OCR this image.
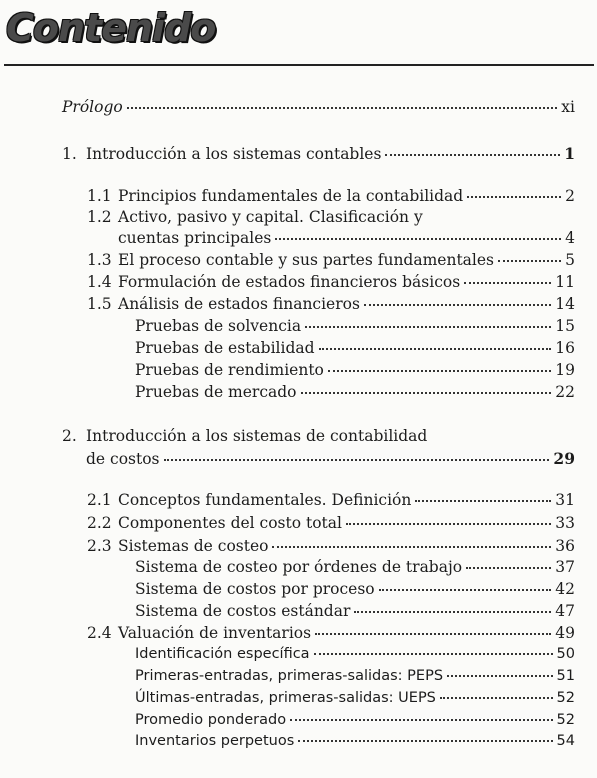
Contenido
Prólogo	xi
1. Introducción a los sistemas contables	1
1.1 Principios fundamentales de la contabilidad	2
1.2 Activo, pasivo y capital. Clasificación y
cuentas principales	4
1.3 El proceso contable y sus partes fundamentales	5
1.4 Formulación de estados financieros básicos	11
1.5 Análisis de estados financieros	14
Pruebas de solvencia	15
Pruebas de estabilidad	16
Pruebas de rendimiento	19
Pruebas de mercado	22
2. Introducción a los sistemas de contabilidad
de costos	29
2.1 Conceptos fundamentales. Definición	31
2.2 Componentes del costo total	33
2.3 Sistemas de costeo	36
Sistema de costeo por órdenes de trabajo	37
Sistema de costos por proceso	42
Sistema de costos estándar	47
2.4 Valuación de inventarios	49
Identificación específica	50
Primeras-entradas, primeras-salidas: PEPS	51
Últimas-entradas, primeras-salidas: UEPS	52
Promedio ponderado	52
Inventarios perpetuos	54
